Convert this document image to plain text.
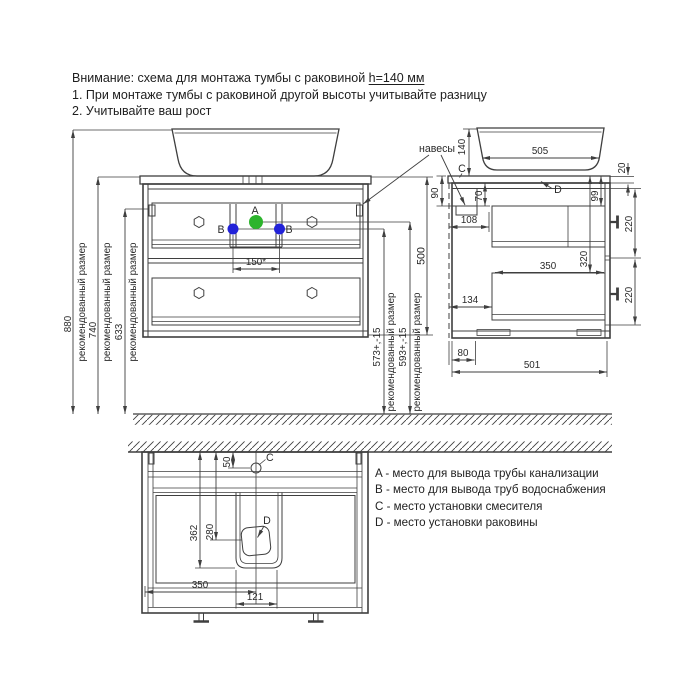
Внимание: схема для монтажа тумбы с раковиной h=140 мм
1. При монтаже тумбы с раковиной другой высоты учитывайте разницу
2. Учитывайте ваш рост
A
B	B
150*
880 рекомендованный размер 740 рекомендованный размер 633 рекомендованный размер	573+,-15 рекомендованный размер 593+,-15 рекомендованный размер
500
навесы 140	505
20
C
90	70
108
D	99
320
350
134
220
220
80
501
C
D
50
362 280
350
121
A - место для вывода трубы канализации
B - место для вывода труб водоснабжения
C - место установки смесителя
D - место установки раковины
